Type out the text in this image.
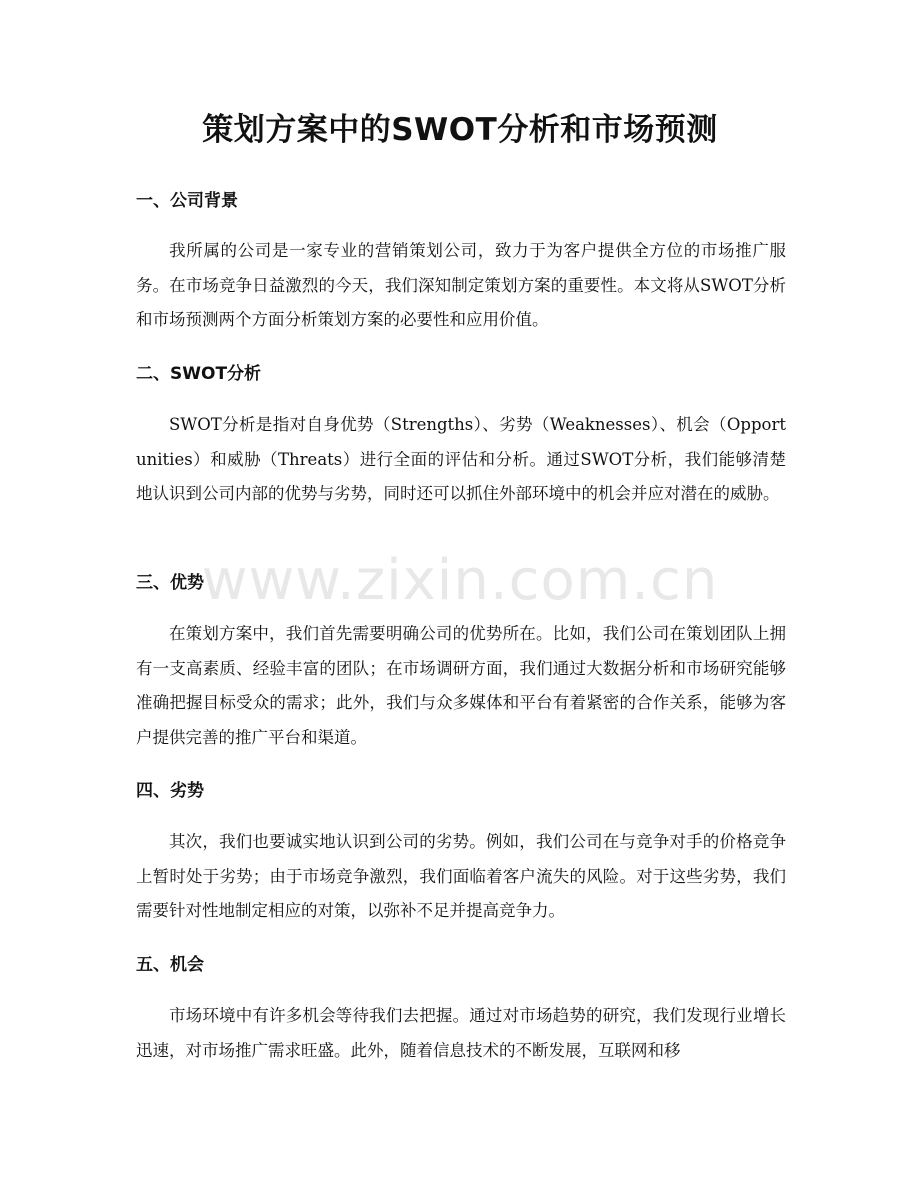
策划方案中的SWOT分析和市场预测
一、公司背景

我所属的公司是一家专业的营销策划公司，致力于为客户提供全方位的市场推广服务。在市场竞争日益激烈的今天，我们深知制定策划方案的重要性。本文将从SWOT分析和市场预测两个方面分析策划方案的必要性和应用价值。

二、SWOT分析

SWOT分析是指对自身优势（Strengths）、劣势（Weaknesses）、机会（Opportunities）和威胁（Threats）进行全面的评估和分析。通过SWOT分析，我们能够清楚地认识到公司内部的优势与劣势，同时还可以抓住外部环境中的机会并应对潜在的威胁。

三、优势

在策划方案中，我们首先需要明确公司的优势所在。比如，我们公司在策划团队上拥有一支高素质、经验丰富的团队；在市场调研方面，我们通过大数据分析和市场研究能够准确把握目标受众的需求；此外，我们与众多媒体和平台有着紧密的合作关系，能够为客户提供完善的推广平台和渠道。

四、劣势

其次，我们也要诚实地认识到公司的劣势。例如，我们公司在与竞争对手的价格竞争上暂时处于劣势；由于市场竞争激烈，我们面临着客户流失的风险。对于这些劣势，我们需要针对性地制定相应的对策，以弥补不足并提高竞争力。

五、机会

市场环境中有许多机会等待我们去把握。通过对市场趋势的研究，我们发现行业增长迅速，对市场推广需求旺盛。此外，随着信息技术的不断发展，互联网和移

www.zixin.com.cn
